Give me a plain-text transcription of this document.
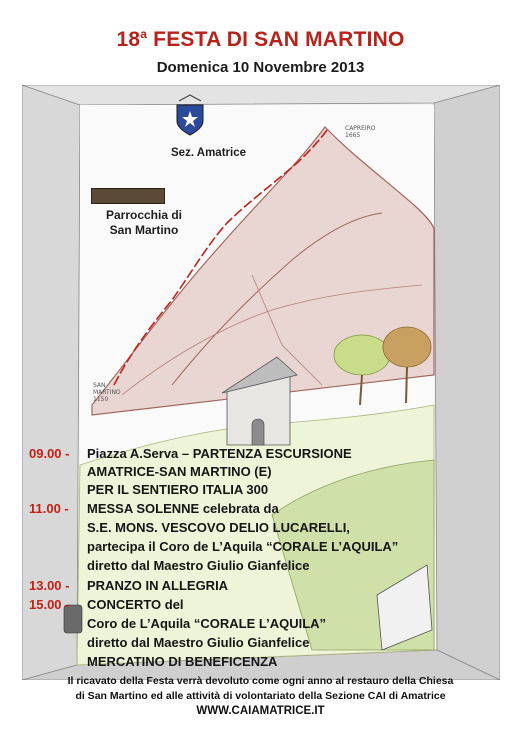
18$^a$ FESTA DI SAN MARTINO
Domenica 10 Novembre 2013
Sez. Amatrice
Parrocchia di
San Martino
CAPREIRO 1665
SAN MARTINO 1150
09.00 - Piazza A.Serva – PARTENZA ESCURSIONE
AMATRICE-SAN MARTINO (E)
PER IL SENTIERO ITALIA 300
11.00 - MESSA SOLENNE celebrata da
S.E. MONS. VESCOVO DELIO LUCARELLI,
partecipa il Coro de L’Aquila “CORALE L’AQUILA”
diretto dal Maestro Giulio Gianfelice
13.00 - PRANZO IN ALLEGRIA
15.00 - CONCERTO del
Coro de L’Aquila “CORALE L’AQUILA”
diretto dal Maestro Giulio Gianfelice
MERCATINO DI BENEFICENZA
Il ricavato della Festa verrà devoluto come ogni anno al restauro della Chiesa
di San Martino ed alle attività di volontariato della Sezione CAI di Amatrice
WWW.CAIAMATRICE.IT
